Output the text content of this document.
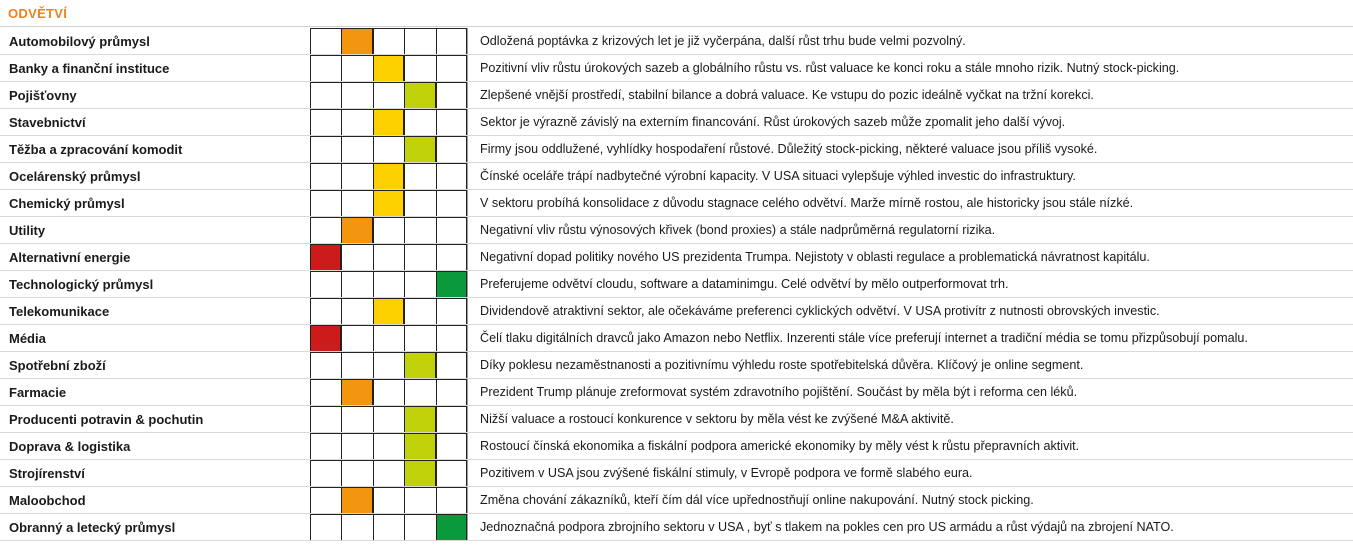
ODVĚTVÍ
Automobilový průmysl	Odložená poptávka z krizových let je již vyčerpána, další růst trhu bude velmi pozvolný.
Banky a finanční instituce	Pozitivní vliv růstu úrokových sazeb a globálního růstu vs. růst valuace ke konci roku a stále mnoho rizik. Nutný stock-picking.
Pojišťovny	Zlepšené vnější prostředí, stabilní bilance a dobrá valuace. Ke vstupu do pozic ideálně vyčkat na tržní korekci.
Stavebnictví	Sektor je výrazně závislý na externím financování. Růst úrokových sazeb může zpomalit jeho další vývoj.
Těžba a zpracování komodit	Firmy jsou oddlužené, vyhlídky hospodaření růstové. Důležitý stock-picking, některé valuace jsou příliš vysoké.
Ocelárenský průmysl	Čínské oceláře trápí nadbytečné výrobní kapacity. V USA situaci vylepšuje výhled investic do infrastruktury.
Chemický průmysl	V sektoru probíhá konsolidace z důvodu stagnace celého odvětví. Marže mírně rostou, ale historicky jsou stále nízké.
Utility	Negativní vliv růstu výnosových křivek (bond proxies) a stále nadprůměrná regulatorní rizika.
Alternativní energie	Negativní dopad politiky nového US prezidenta Trumpa. Nejistoty v oblasti regulace a problematická návratnost kapitálu.
Technologický průmysl	Preferujeme odvětví cloudu, software a dataminimgu. Celé odvětví by mělo outperformovat trh.
Telekomunikace	Dividendově atraktivní sektor, ale očekáváme preferenci cyklických odvětví. V USA protivítr z nutnosti obrovských investic.
Média	Čelí tlaku digitálních dravců jako Amazon nebo Netflix. Inzerenti stále více preferují internet a tradiční média se tomu přizpůsobují pomalu.
Spotřební zboží	Díky poklesu nezaměstnanosti a pozitivnímu výhledu roste spotřebitelská důvěra. Klíčový je online segment.
Farmacie	Prezident Trump plánuje zreformovat systém zdravotního pojištění. Součást by měla být i reforma cen léků.
Producenti potravin & pochutin	Nižší valuace a rostoucí konkurence v sektoru by měla vést ke zvýšené M&A aktivitě.
Doprava & logistika	Rostoucí čínská ekonomika a fiskální podpora americké ekonomiky by měly vést k růstu přepravních aktivit.
Strojírenství	Pozitivem v USA jsou zvýšené fiskální stimuly, v Evropě podpora ve formě slabého eura.
Maloobchod	Změna chování zákazníků, kteří čím dál více upřednostňují online nakupování. Nutný stock picking.
Obranný a letecký průmysl	Jednoznačná podpora zbrojního sektoru v USA , byť s tlakem na pokles cen pro US armádu a růst výdajů na zbrojení NATO.
